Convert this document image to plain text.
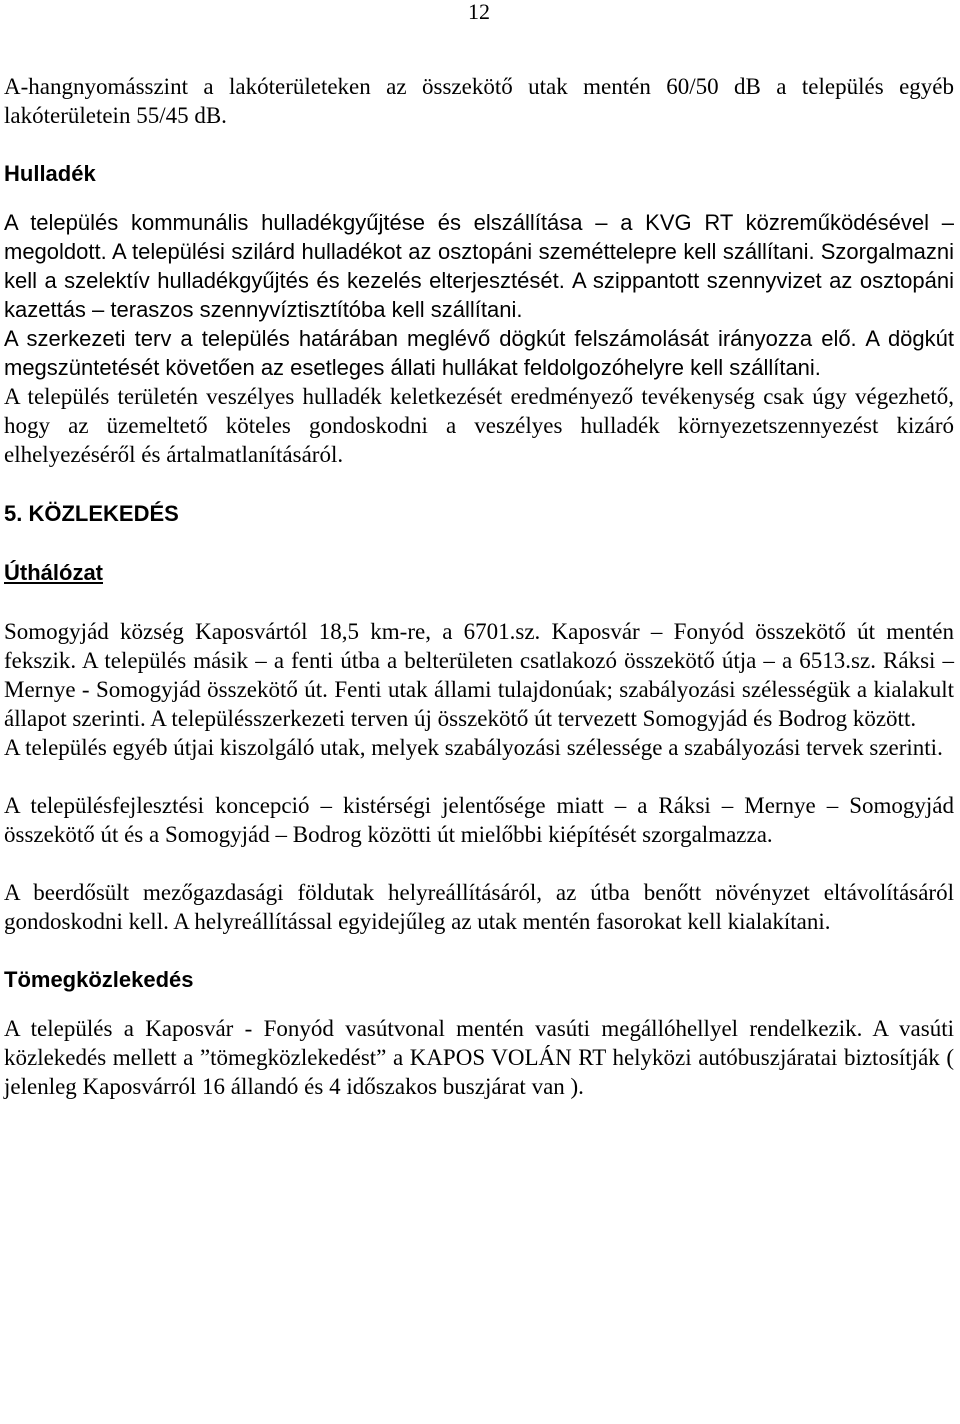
12

A-hangnyomásszint a lakóterületeken az összekötő utak mentén 60/50 dB a település egyéb lakóterületein 55/45 dB.

Hulladék

A település kommunális hulladékgyűjtése és elszállítása – a KVG RT közreműködésével – megoldott. A települési szilárd hulladékot az osztopáni szeméttelepre kell szállítani. Szorgalmazni kell a szelektív hulladékgyűjtés és kezelés elterjesztését. A szippantott szennyvizet az osztopáni kazettás – teraszos szennyvíztisztítóba kell szállítani.

A szerkezeti terv a település határában meglévő dögkút felszámolását irányozza elő. A dögkút megszüntetését követően az esetleges állati hullákat feldolgozóhelyre kell szállítani.

A település területén veszélyes hulladék keletkezését eredményező tevékenység csak úgy végezhető, hogy az üzemeltető köteles gondoskodni a veszélyes hulladék környezetszennyezést kizáró elhelyezéséről és ártalmatlanításáról.

5. KÖZLEKEDÉS

Úthálózat

Somogyjád község Kaposvártól 18,5 km-re, a 6701.sz. Kaposvár – Fonyód összekötő út mentén fekszik. A település másik – a fenti útba a belterületen csatlakozó összekötő útja – a 6513.sz. Ráksi – Mernye - Somogyjád összekötő út. Fenti utak állami tulajdonúak; szabályozási szélességük a kialakult állapot szerinti. A településszerkezeti terven új összekötő út tervezett Somogyjád és Bodrog között.

A település egyéb útjai kiszolgáló utak, melyek szabályozási szélessége a szabályozási tervek szerinti.

A településfejlesztési koncepció – kistérségi jelentősége miatt – a Ráksi – Mernye – Somogyjád összekötő út és a Somogyjád – Bodrog közötti út mielőbbi kiépítését szorgalmazza.

A beerdősült mezőgazdasági földutak helyreállításáról, az útba benőtt növényzet eltávolításáról gondoskodni kell. A helyreállítással egyidejűleg az utak mentén fasorokat kell kialakítani.

Tömegközlekedés

A település a Kaposvár - Fonyód vasútvonal mentén vasúti megállóhellyel rendelkezik. A vasúti közlekedés mellett a ”tömegközlekedést” a KAPOS VOLÁN RT helyközi autóbuszjáratai biztosítják ( jelenleg Kaposvárról 16 állandó és 4 időszakos buszjárat van ).
